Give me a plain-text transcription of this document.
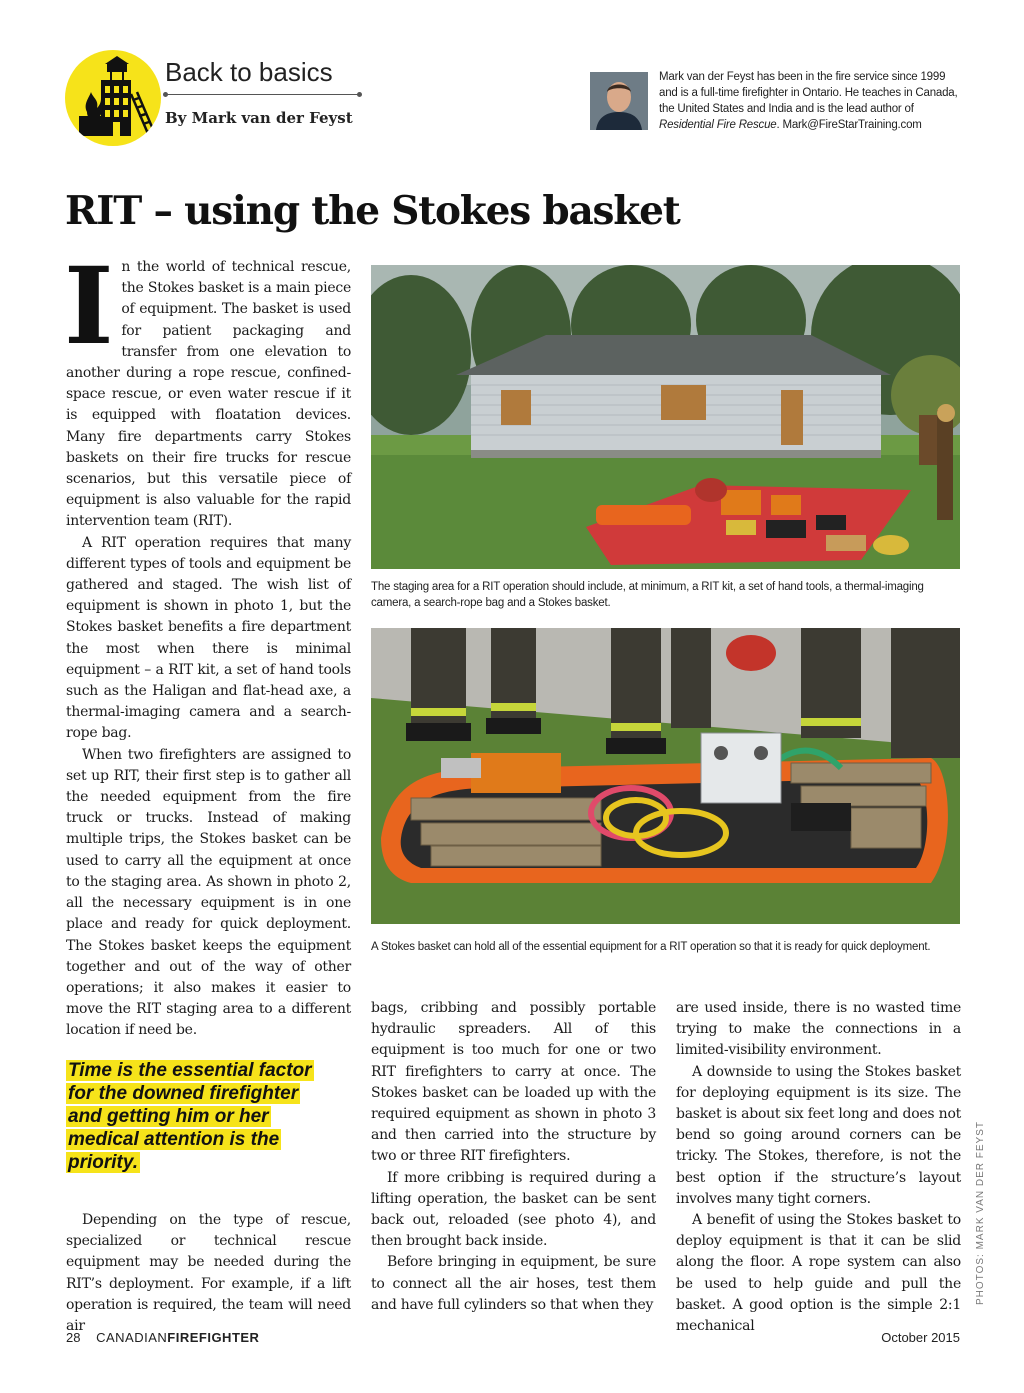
Back to basics
By Mark van der Feyst
Mark van der Feyst has been in the fire service since 1999 and is a full-time firefighter in Ontario. He teaches in Canada, the United States and India and is the lead author of Residential Fire Rescue. Mark@FireStarTraining.com
RIT – using the Stokes basket

In the world of technical rescue, the Stokes basket is a main piece of equipment. The basket is used for patient packaging and transfer from one elevation to another during a rope rescue, confined-space rescue, or even water rescue if it is equipped with floatation devices. Many fire departments carry Stokes baskets on their fire trucks for rescue scenarios, but this versatile piece of equipment is also valuable for the rapid intervention team (RIT).

A RIT operation requires that many different types of tools and equipment be gathered and staged. The wish list of equipment is shown in photo 1, but the Stokes basket benefits a fire department the most when there is minimal equipment – a RIT kit, a set of hand tools such as the Haligan and flat-head axe, a thermal-imaging camera and a search-rope bag.

When two firefighters are assigned to set up RIT, their first step is to gather all the needed equipment from the fire truck or trucks. Instead of making multiple trips, the Stokes basket can be used to carry all the equipment at once to the staging area. As shown in photo 2, all the necessary equipment is in one place and ready for quick deployment. The Stokes basket keeps the equipment together and out of the way of other operations; it also makes it easier to move the RIT staging area to a different location if need be.

Time is the essential factor for the downed firefighter and getting him or her medical attention is the priority.

Depending on the type of rescue, specialized or technical rescue equipment may be needed during the RIT’s deployment. For example, if a lift operation is required, the team will need air

The staging area for a RIT operation should include, at minimum, a RIT kit, a set of hand tools, a thermal-imaging camera, a search-rope bag and a Stokes basket.
A Stokes basket can hold all of the essential equipment for a RIT operation so that it is ready for quick deployment.

bags, cribbing and possibly portable hydraulic spreaders. All of this equipment is too much for one or two RIT firefighters to carry at once. The Stokes basket can be loaded up with the required equipment as shown in photo 3 and then carried into the structure by two or three RIT firefighters.

If more cribbing is required during a lifting operation, the basket can be sent back out, reloaded (see photo 4), and then brought back inside.

Before bringing in equipment, be sure to connect all the air hoses, test them and have full cylinders so that when they

are used inside, there is no wasted time trying to make the connections in a limited-visibility environment.

A downside to using the Stokes basket for deploying equipment is its size. The basket is about six feet long and does not bend so going around corners can be tricky. The Stokes, therefore, is not the best option if the structure’s layout involves many tight corners.

A benefit of using the Stokes basket to deploy equipment is that it can be slid along the floor. A rope system can also be used to help guide and pull the basket. A good option is the simple 2:1 mechanical

PHOTOS: MARK VAN DER FEYST
28 CANADIANFIREFIGHTER	October 2015
